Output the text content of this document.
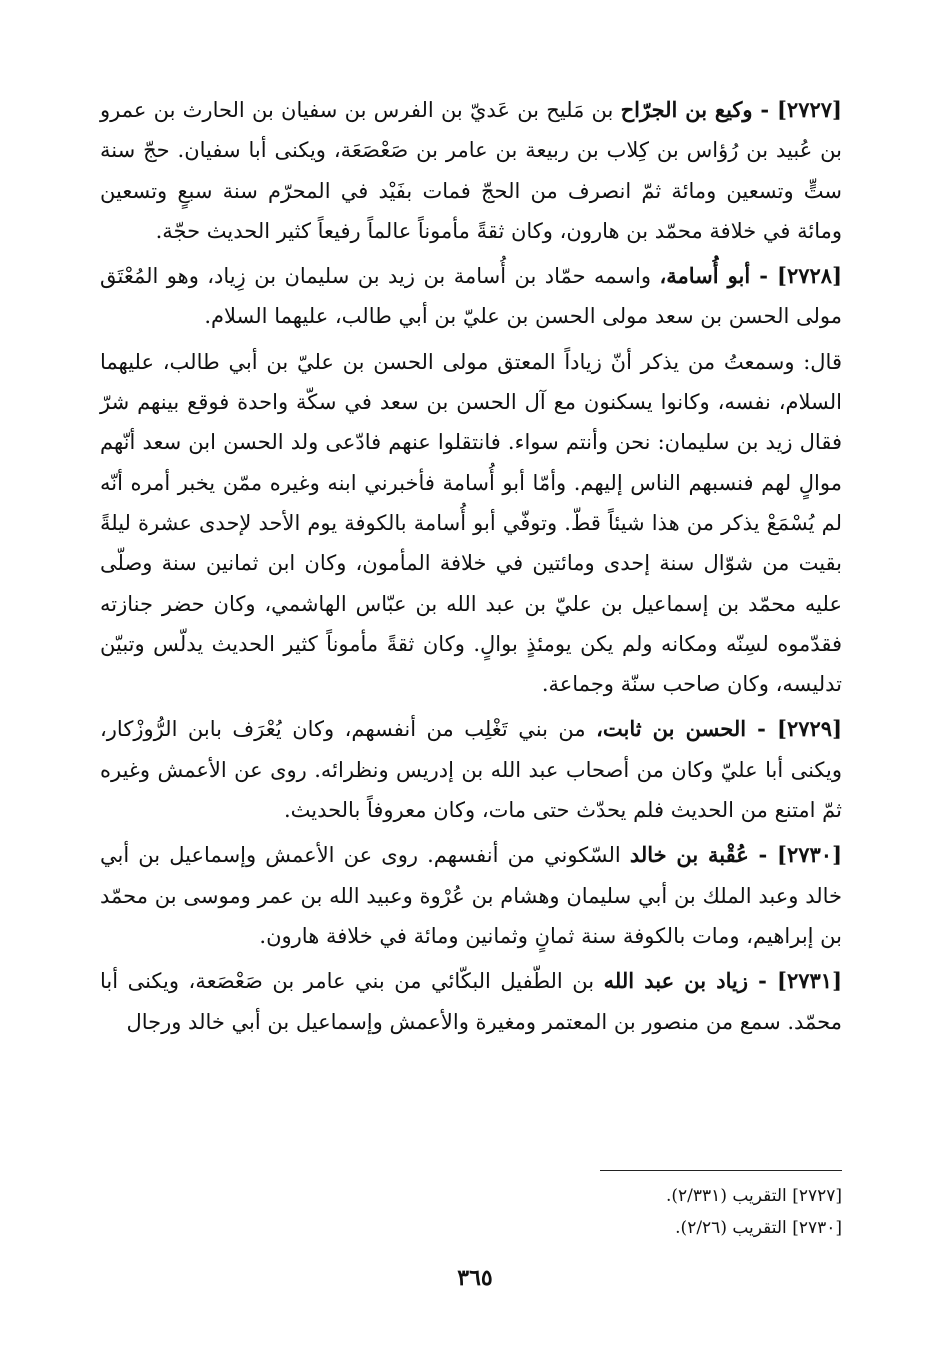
[٢٧٢٧] - وكيع بن الجرّاح بن مَليح بن عَديّ بن الفرس بن سفيان بن الحارث بن عمرو بن عُبيد بن رُؤاس بن كِلاب بن ربيعة بن عامر بن صَعْصَعَة، ويكنى أبا سفيان. حجّ سنة ستٍّ وتسعين ومائة ثمّ انصرف من الحجّ فمات بفَيْد في المحرّم سنة سبعٍ وتسعين ومائة في خلافة محمّد بن هارون، وكان ثقةً مأموناً عالماً رفيعاً كثير الحديث حجّة.

[٢٧٢٨] - أبو أُسامة، واسمه حمّاد بن أُسامة بن زيد بن سليمان بن زِياد، وهو المُعْتَق مولى الحسن بن سعد مولى الحسن بن عليّ بن أبي طالب، عليهما السلام.

قال: وسمعتُ من يذكر أنّ زياداً المعتق مولى الحسن بن عليّ بن أبي طالب، عليهما السلام، نفسه، وكانوا يسكنون مع آل الحسن بن سعد في سكّة واحدة فوقع بينهم شرّ فقال زيد بن سليمان: نحن وأنتم سواء. فانتقلوا عنهم فادّعى ولد الحسن ابن سعد أنّهم موالٍ لهم فنسبهم الناس إليهم. وأمّا أبو أُسامة فأخبرني ابنه وغيره ممّن يخبر أمره أنّه لم يُسْمَعْ يذكر من هذا شيئاً قطّ. وتوفّي أبو أُسامة بالكوفة يوم الأحد لإحدى عشرة ليلةً بقيت من شوّال سنة إحدى ومائتين في خلافة المأمون، وكان ابن ثمانين سنة وصلّى عليه محمّد بن إسماعيل بن عليّ بن عبد الله بن عبّاس الهاشمي، وكان حضر جنازته فقدّموه لسِنّه ومكانه ولم يكن يومئذٍ بوالٍ. وكان ثقةً مأموناً كثير الحديث يدلّس وتبيّن تدليسه، وكان صاحب سنّة وجماعة.

[٢٧٢٩] - الحسن بن ثابت، من بني تَغْلِب من أنفسهم، وكان يُعْرَف بابن الرُّوزْكار، ويكنى أبا عليّ وكان من أصحاب عبد الله بن إدريس ونظرائه. روى عن الأعمش وغيره ثمّ امتنع من الحديث فلم يحدّث حتى مات، وكان معروفاً بالحديث.

[٢٧٣٠] - عُقْبة بن خالد السّكوني من أنفسهم. روى عن الأعمش وإسماعيل بن أبي خالد وعبد الملك بن أبي سليمان وهشام بن عُرْوة وعبيد الله بن عمر وموسى بن محمّد بن إبراهيم، ومات بالكوفة سنة ثمانٍ وثمانين ومائة في خلافة هارون.

[٢٧٣١] - زياد بن عبد الله بن الطّفيل البكّائي من بني عامر بن صَعْصَعة، ويكنى أبا محمّد. سمع من منصور بن المعتمر ومغيرة والأعمش وإسماعيل بن أبي خالد ورجال

[٢٧٢٧] التقريب (٢/٣٣١).
[٢٧٣٠] التقريب (٢/٢٦).
٣٦٥
